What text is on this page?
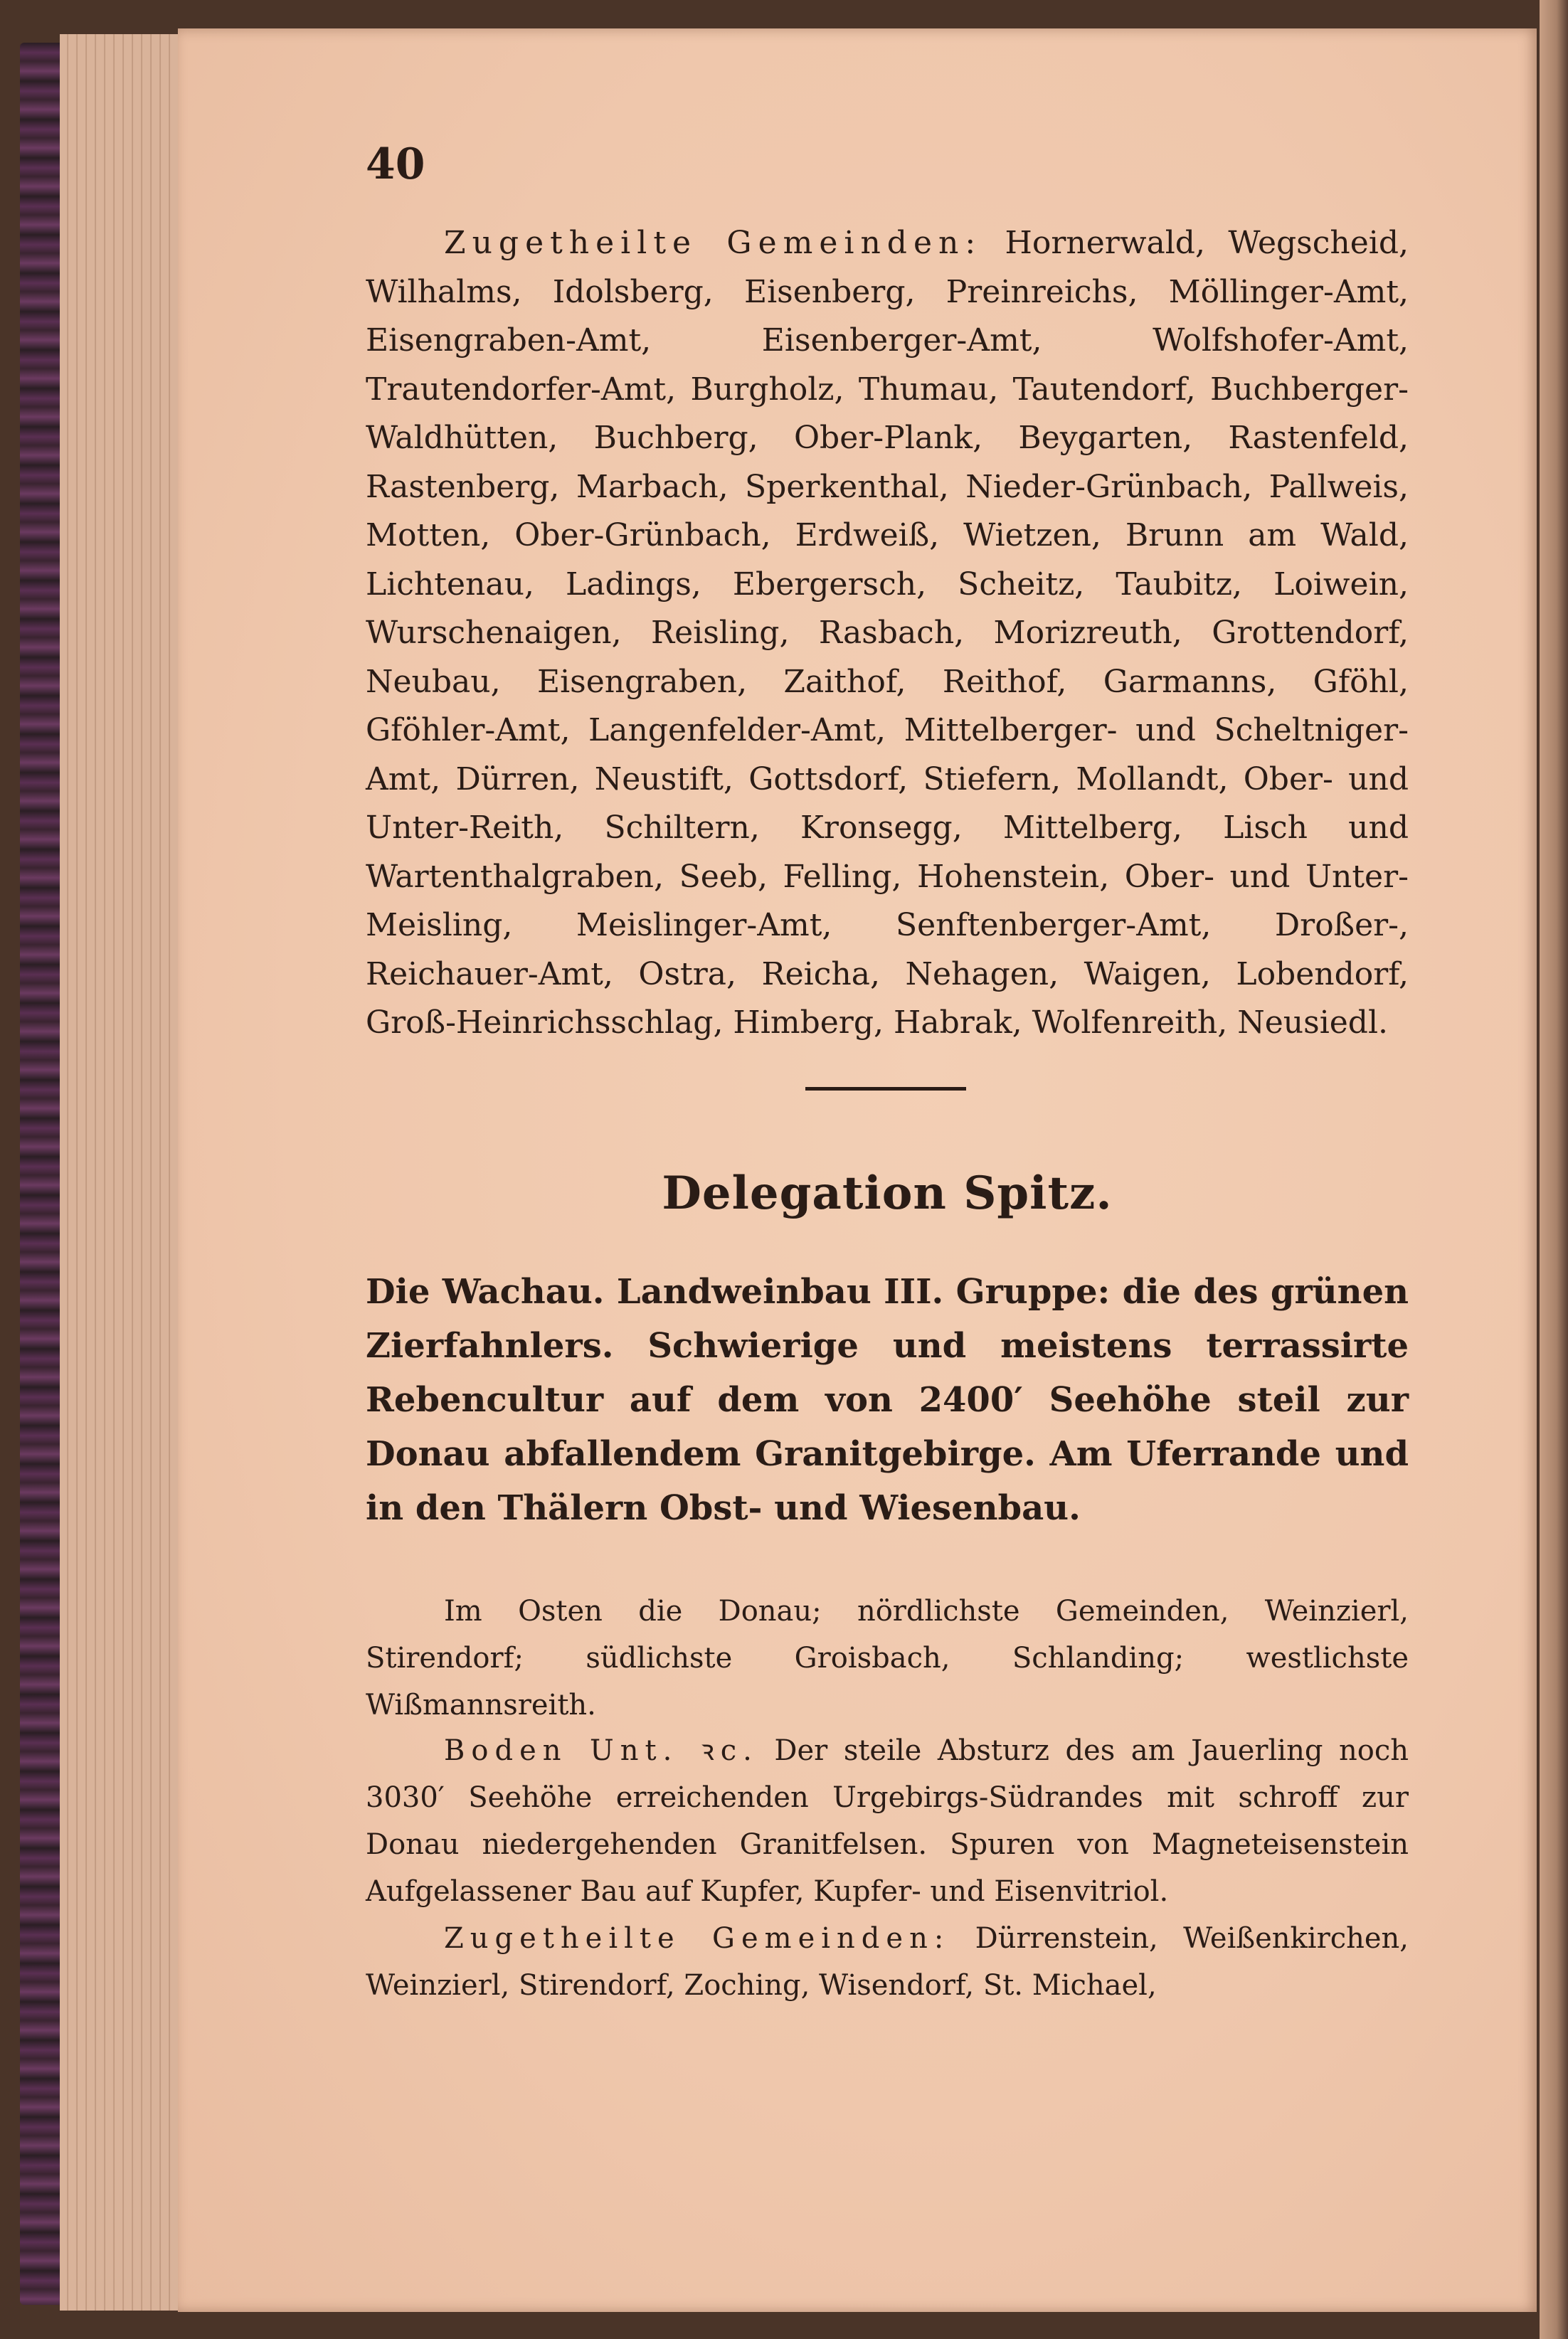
40
Zugetheilte Gemeinden: Hornerwald, Wegscheid, Wilhalms, Idolsberg, Eisenberg, Preinreichs, Möllinger-Amt, Eisengraben-Amt, Eisenberger-Amt, Wolfshofer-Amt, Trautendorfer-Amt, Burgholz, Thumau, Tautendorf, Buchberger-Waldhütten, Buchberg, Ober-Plank, Beygarten, Rastenfeld, Rastenberg, Marbach, Sperkenthal, Nieder-Grünbach, Pallweis, Motten, Ober-Grünbach, Erdweiß, Wietzen, Brunn am Wald, Lichtenau, Ladings, Ebergersch, Scheitz, Taubitz, Loiwein, Wurschenaigen, Reisling, Rasbach, Morizreuth, Grottendorf, Neubau, Eisengraben, Zaithof, Reithof, Garmanns, Gföhl, Gföhler-Amt, Langenfelder-Amt, Mittelberger- und Scheltniger-Amt, Dürren, Neustift, Gottsdorf, Stiefern, Mollandt, Ober- und Unter-Reith, Schiltern, Kronsegg, Mittelberg, Lisch und Wartenthalgraben, Seeb, Felling, Hohenstein, Ober- und Unter-Meisling, Meislinger-Amt, Senftenberger-Amt, Droßer-, Reichauer-Amt, Ostra, Reicha, Nehagen, Waigen, Lobendorf, Groß-Heinrichsschlag, Himberg, Habrak, Wolfenreith, Neusiedl.
Delegation Spitz.
Die Wachau. Landweinbau III. Gruppe: die des grünen Zierfahnlers. Schwierige und meistens terrassirte Rebencultur auf dem von 2400′ Seehöhe steil zur Donau abfallendem Granitgebirge. Am Uferrande und in den Thälern Obst- und Wiesenbau.
Im Osten die Donau; nördlichste Gemeinden, Weinzierl, Stirendorf; südlichste Groisbach, Schlanding; westlichste Wißmannsreith.
Boden Unt. ꝛc. Der steile Absturz des am Jauerling noch 3030′ Seehöhe erreichenden Urgebirgs-Südrandes mit schroff zur Donau niedergehenden Granitfelsen. Spuren von Magneteisenstein Aufgelassener Bau auf Kupfer, Kupfer- und Eisenvitriol.
Zugetheilte Gemeinden: Dürrenstein, Weißenkirchen, Weinzierl, Stirendorf, Zoching, Wisendorf, St. Michael,
